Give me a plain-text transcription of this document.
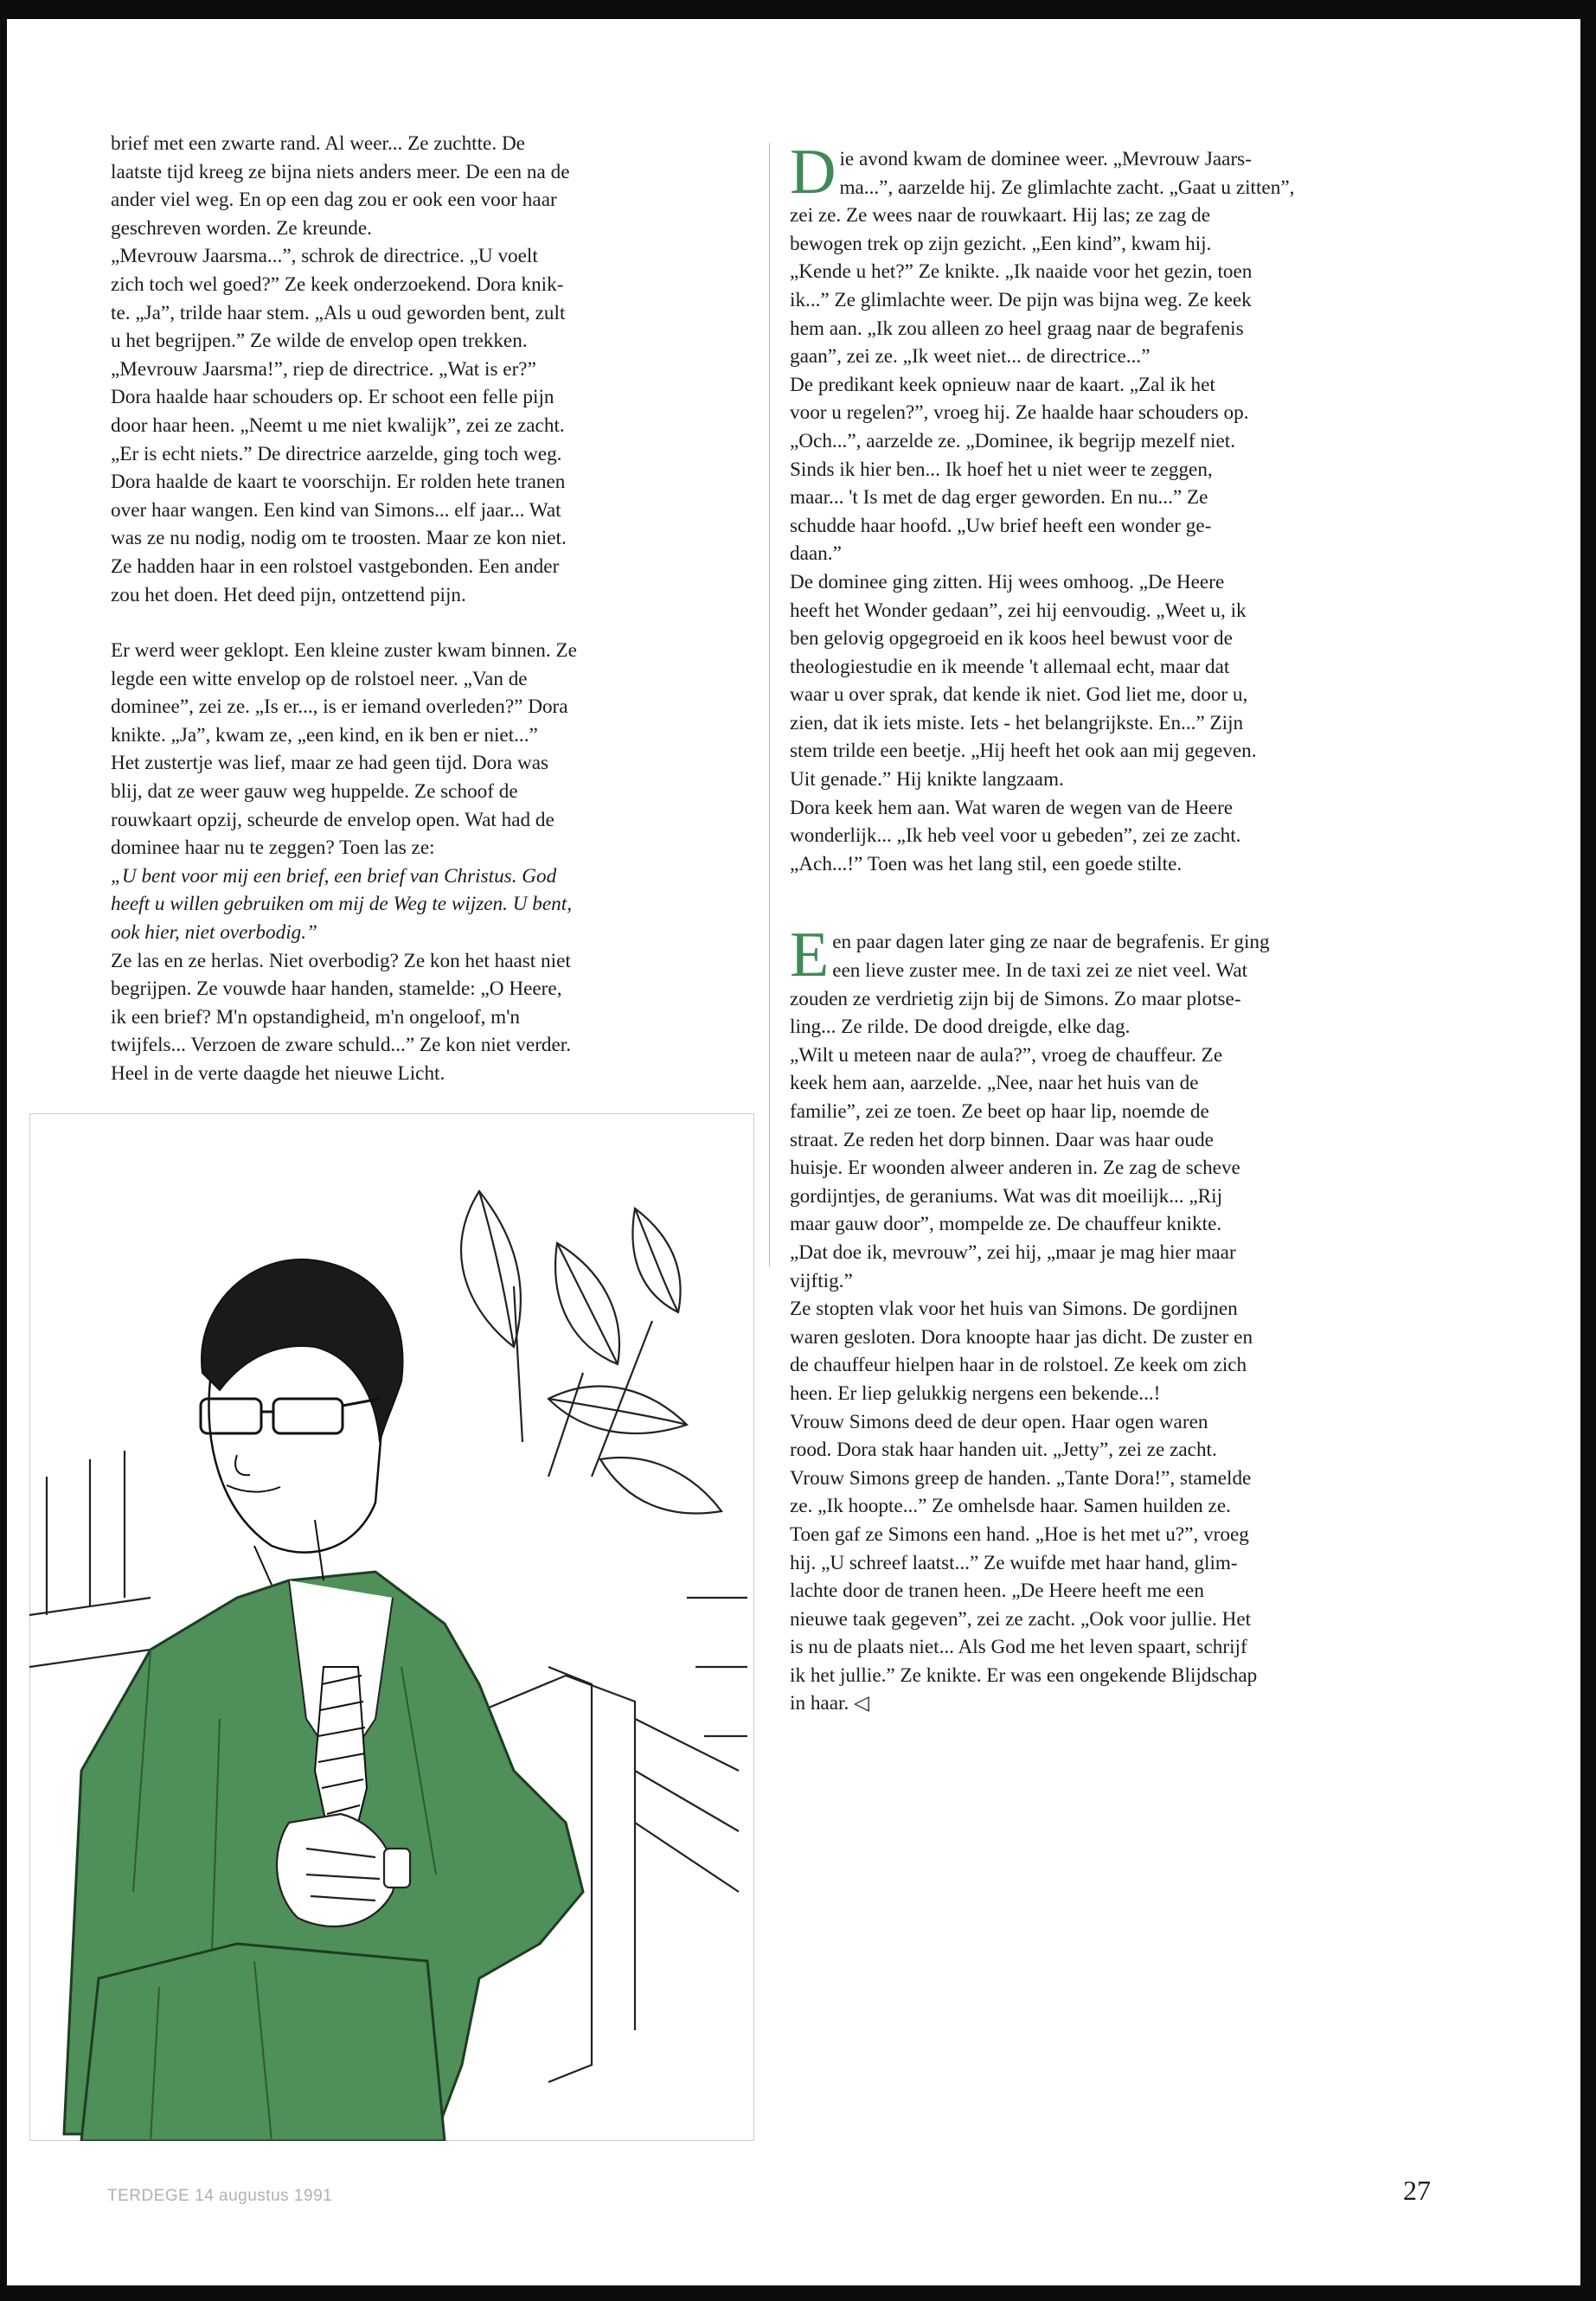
brief met een zwarte rand. Al weer... Ze zuchtte. De

laatste tijd kreeg ze bijna niets anders meer. De een na de

ander viel weg. En op een dag zou er ook een voor haar

geschreven worden. Ze kreunde.

„Mevrouw Jaarsma...”, schrok de directrice. „U voelt

zich toch wel goed?” Ze keek onderzoekend. Dora knik-

te. „Ja”, trilde haar stem. „Als u oud geworden bent, zult

u het begrijpen.” Ze wilde de envelop open trekken.

„Mevrouw Jaarsma!”, riep de directrice. „Wat is er?”

Dora haalde haar schouders op. Er schoot een felle pijn

door haar heen. „Neemt u me niet kwalijk”, zei ze zacht.

„Er is echt niets.” De directrice aarzelde, ging toch weg.

Dora haalde de kaart te voorschijn. Er rolden hete tranen

over haar wangen. Een kind van Simons... elf jaar... Wat

was ze nu nodig, nodig om te troosten. Maar ze kon niet.

Ze hadden haar in een rolstoel vastgebonden. Een ander

zou het doen. Het deed pijn, ontzettend pijn.

Er werd weer geklopt. Een kleine zuster kwam binnen. Ze

legde een witte envelop op de rolstoel neer. „Van de

dominee”, zei ze. „Is er..., is er iemand overleden?” Dora

knikte. „Ja”, kwam ze, „een kind, en ik ben er niet...”

Het zustertje was lief, maar ze had geen tijd. Dora was

blij, dat ze weer gauw weg huppelde. Ze schoof de

rouwkaart opzij, scheurde de envelop open. Wat had de

dominee haar nu te zeggen? Toen las ze:

„U bent voor mij een brief, een brief van Christus. God

heeft u willen gebruiken om mij de Weg te wijzen. U bent,

ook hier, niet overbodig.”

Ze las en ze herlas. Niet overbodig? Ze kon het haast niet

begrijpen. Ze vouwde haar handen, stamelde: „O Heere,

ik een brief? M'n opstandigheid, m'n ongeloof, m'n

twijfels... Verzoen de zware schuld...” Ze kon niet verder.

Heel in de verte daagde het nieuwe Licht.

D ie avond kwam de dominee weer. „Mevrouw Jaars-

ma...”, aarzelde hij. Ze glimlachte zacht. „Gaat u zitten”,

zei ze. Ze wees naar de rouwkaart. Hij las; ze zag de

bewogen trek op zijn gezicht. „Een kind”, kwam hij.

„Kende u het?” Ze knikte. „Ik naaide voor het gezin, toen

ik...” Ze glimlachte weer. De pijn was bijna weg. Ze keek

hem aan. „Ik zou alleen zo heel graag naar de begrafenis

gaan”, zei ze. „Ik weet niet... de directrice...”

De predikant keek opnieuw naar de kaart. „Zal ik het

voor u regelen?”, vroeg hij. Ze haalde haar schouders op.

„Och...”, aarzelde ze. „Dominee, ik begrijp mezelf niet.

Sinds ik hier ben... Ik hoef het u niet weer te zeggen,

maar... 't Is met de dag erger geworden. En nu...” Ze

schudde haar hoofd. „Uw brief heeft een wonder ge-

daan.”

De dominee ging zitten. Hij wees omhoog. „De Heere

heeft het Wonder gedaan”, zei hij eenvoudig. „Weet u, ik

ben gelovig opgegroeid en ik koos heel bewust voor de

theologiestudie en ik meende 't allemaal echt, maar dat

waar u over sprak, dat kende ik niet. God liet me, door u,

zien, dat ik iets miste. Iets - het belangrijkste. En...” Zijn

stem trilde een beetje. „Hij heeft het ook aan mij gegeven.

Uit genade.” Hij knikte langzaam.

Dora keek hem aan. Wat waren de wegen van de Heere

wonderlijk... „Ik heb veel voor u gebeden”, zei ze zacht.

„Ach...!” Toen was het lang stil, een goede stilte.

E en paar dagen later ging ze naar de begrafenis. Er ging

een lieve zuster mee. In de taxi zei ze niet veel. Wat

zouden ze verdrietig zijn bij de Simons. Zo maar plotse-

ling... Ze rilde. De dood dreigde, elke dag.

„Wilt u meteen naar de aula?”, vroeg de chauffeur. Ze

keek hem aan, aarzelde. „Nee, naar het huis van de

familie”, zei ze toen. Ze beet op haar lip, noemde de

straat. Ze reden het dorp binnen. Daar was haar oude

huisje. Er woonden alweer anderen in. Ze zag de scheve

gordijntjes, de geraniums. Wat was dit moeilijk... „Rij

maar gauw door”, mompelde ze. De chauffeur knikte.

„Dat doe ik, mevrouw”, zei hij, „maar je mag hier maar

vijftig.”

Ze stopten vlak voor het huis van Simons. De gordijnen

waren gesloten. Dora knoopte haar jas dicht. De zuster en

de chauffeur hielpen haar in de rolstoel. Ze keek om zich

heen. Er liep gelukkig nergens een bekende...!

Vrouw Simons deed de deur open. Haar ogen waren

rood. Dora stak haar handen uit. „Jetty”, zei ze zacht.

Vrouw Simons greep de handen. „Tante Dora!”, stamelde

ze. „Ik hoopte...” Ze omhelsde haar. Samen huilden ze.

Toen gaf ze Simons een hand. „Hoe is het met u?”, vroeg

hij. „U schreef laatst...” Ze wuifde met haar hand, glim-

lachte door de tranen heen. „De Heere heeft me een

nieuwe taak gegeven”, zei ze zacht. „Ook voor jullie. Het

is nu de plaats niet... Als God me het leven spaart, schrijf

ik het jullie.” Ze knikte. Er was een ongekende Blijdschap

in haar. ◁

TERDEGE 14 augustus 1991	27
